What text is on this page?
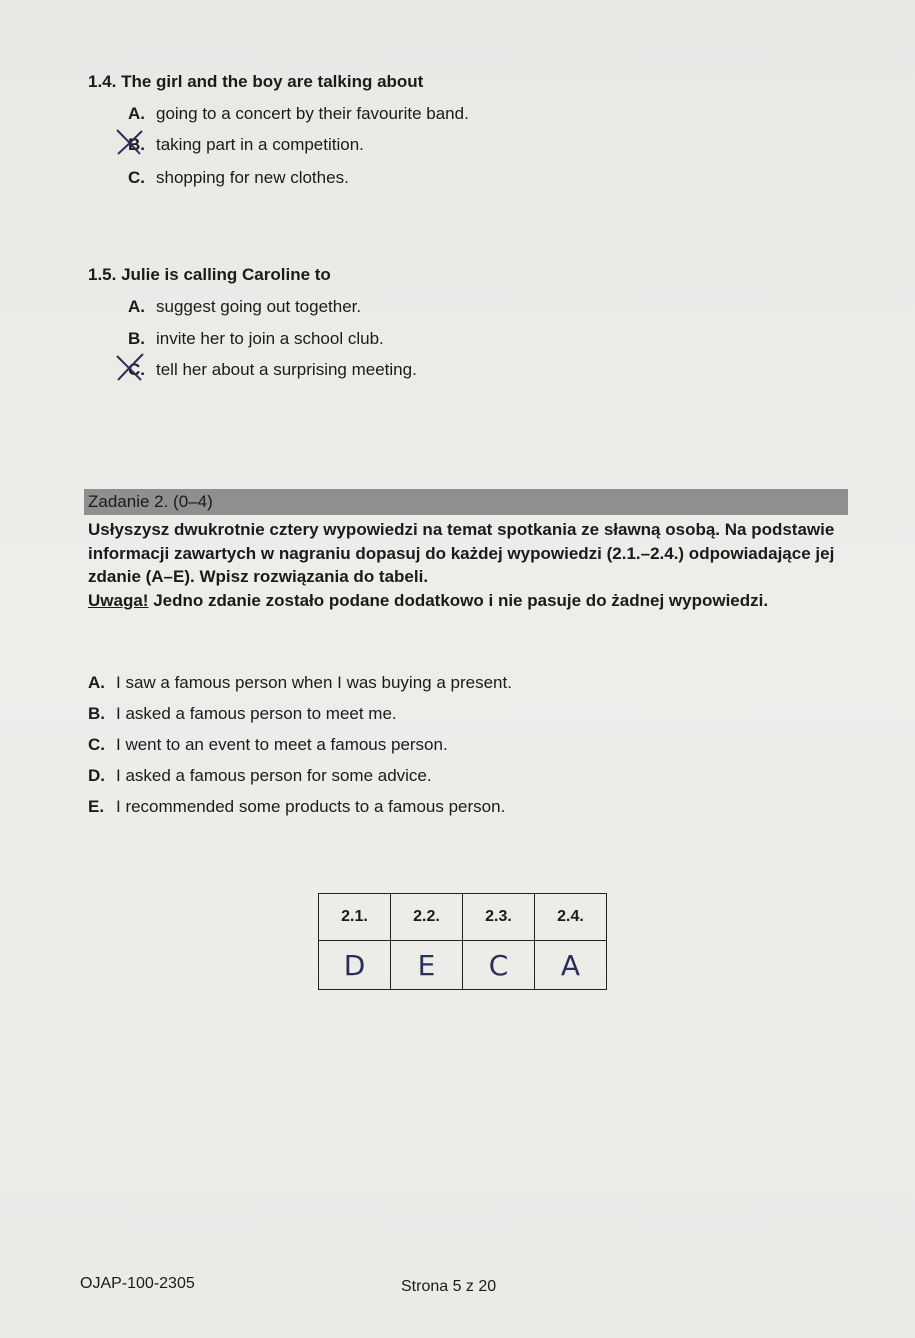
1.4. The girl and the boy are talking about
A. going to a concert by their favourite band.
B. taking part in a competition.
C. shopping for new clothes.
1.5. Julie is calling Caroline to
A. suggest going out together.
B. invite her to join a school club.
C. tell her about a surprising meeting.
Zadanie 2. (0–4)
Usłyszysz dwukrotnie cztery wypowiedzi na temat spotkania ze sławną osobą. Na podstawie informacji zawartych w nagraniu dopasuj do każdej wypowiedzi (2.1.–2.4.) odpowiadające jej zdanie (A–E). Wpisz rozwiązania do tabeli.
Uwaga! Jedno zdanie zostało podane dodatkowo i nie pasuje do żadnej wypowiedzi.
A. I saw a famous person when I was buying a present.
B. I asked a famous person to meet me.
C. I went to an event to meet a famous person.
D. I asked a famous person for some advice.
E. I recommended some products to a famous person.
2.1.	2.2.	2.3.	2.4.
D	E	C	A
OJAP-100-2305	Strona 5 z 20
